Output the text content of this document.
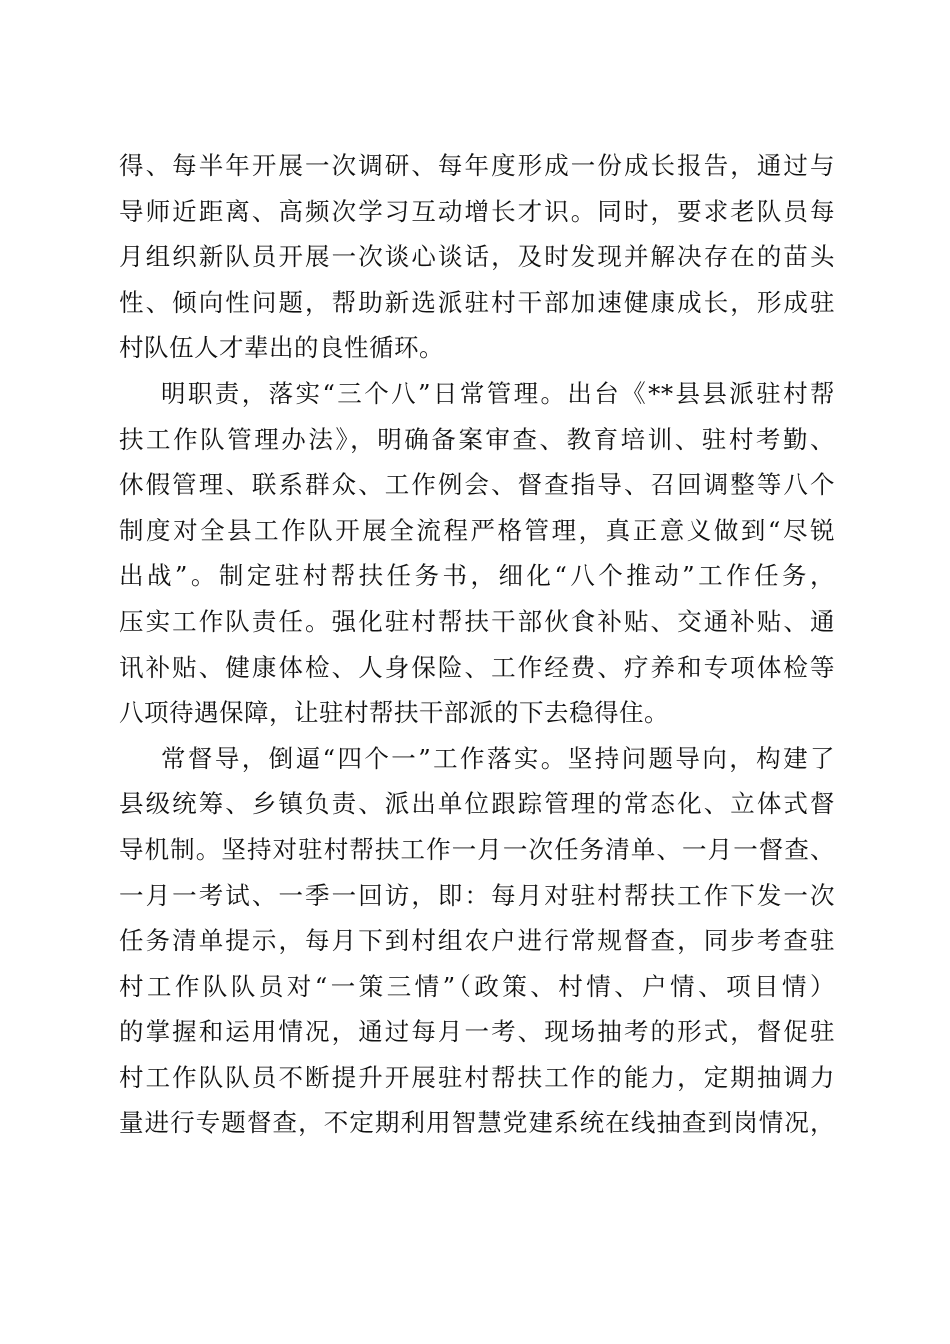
得、每半年开展一次调研、每年度形成一份成长报告，通过与
导师近距离、高频次学习互动增长才识。同时，要求老队员每
月组织新队员开展一次谈心谈话，及时发现并解决存在的苗头
性、倾向性问题，帮助新选派驻村干部加速健康成长，形成驻
村队伍人才辈出的良性循环。
明职责，落实“三个八”日常管理。出台《**县县派驻村帮
扶工作队管理办法》，明确备案审查、教育培训、驻村考勤、
休假管理、联系群众、工作例会、督查指导、召回调整等八个
制度对全县工作队开展全流程严格管理，真正意义做到“尽锐
出战”。制定驻村帮扶任务书，细化“八个推动”工作任务，
压实工作队责任。强化驻村帮扶干部伙食补贴、交通补贴、通
讯补贴、健康体检、人身保险、工作经费、疗养和专项体检等
八项待遇保障，让驻村帮扶干部派的下去稳得住。
常督导，倒逼“四个一”工作落实。坚持问题导向，构建了
县级统筹、乡镇负责、派出单位跟踪管理的常态化、立体式督
导机制。坚持对驻村帮扶工作一月一次任务清单、一月一督查、
一月一考试、一季一回访，即：每月对驻村帮扶工作下发一次
任务清单提示，每月下到村组农户进行常规督查，同步考查驻
村工作队队员对“一策三情”（政策、村情、户情、项目情）
的掌握和运用情况，通过每月一考、现场抽考的形式，督促驻
村工作队队员不断提升开展驻村帮扶工作的能力，定期抽调力
量进行专题督查，不定期利用智慧党建系统在线抽查到岗情况，
